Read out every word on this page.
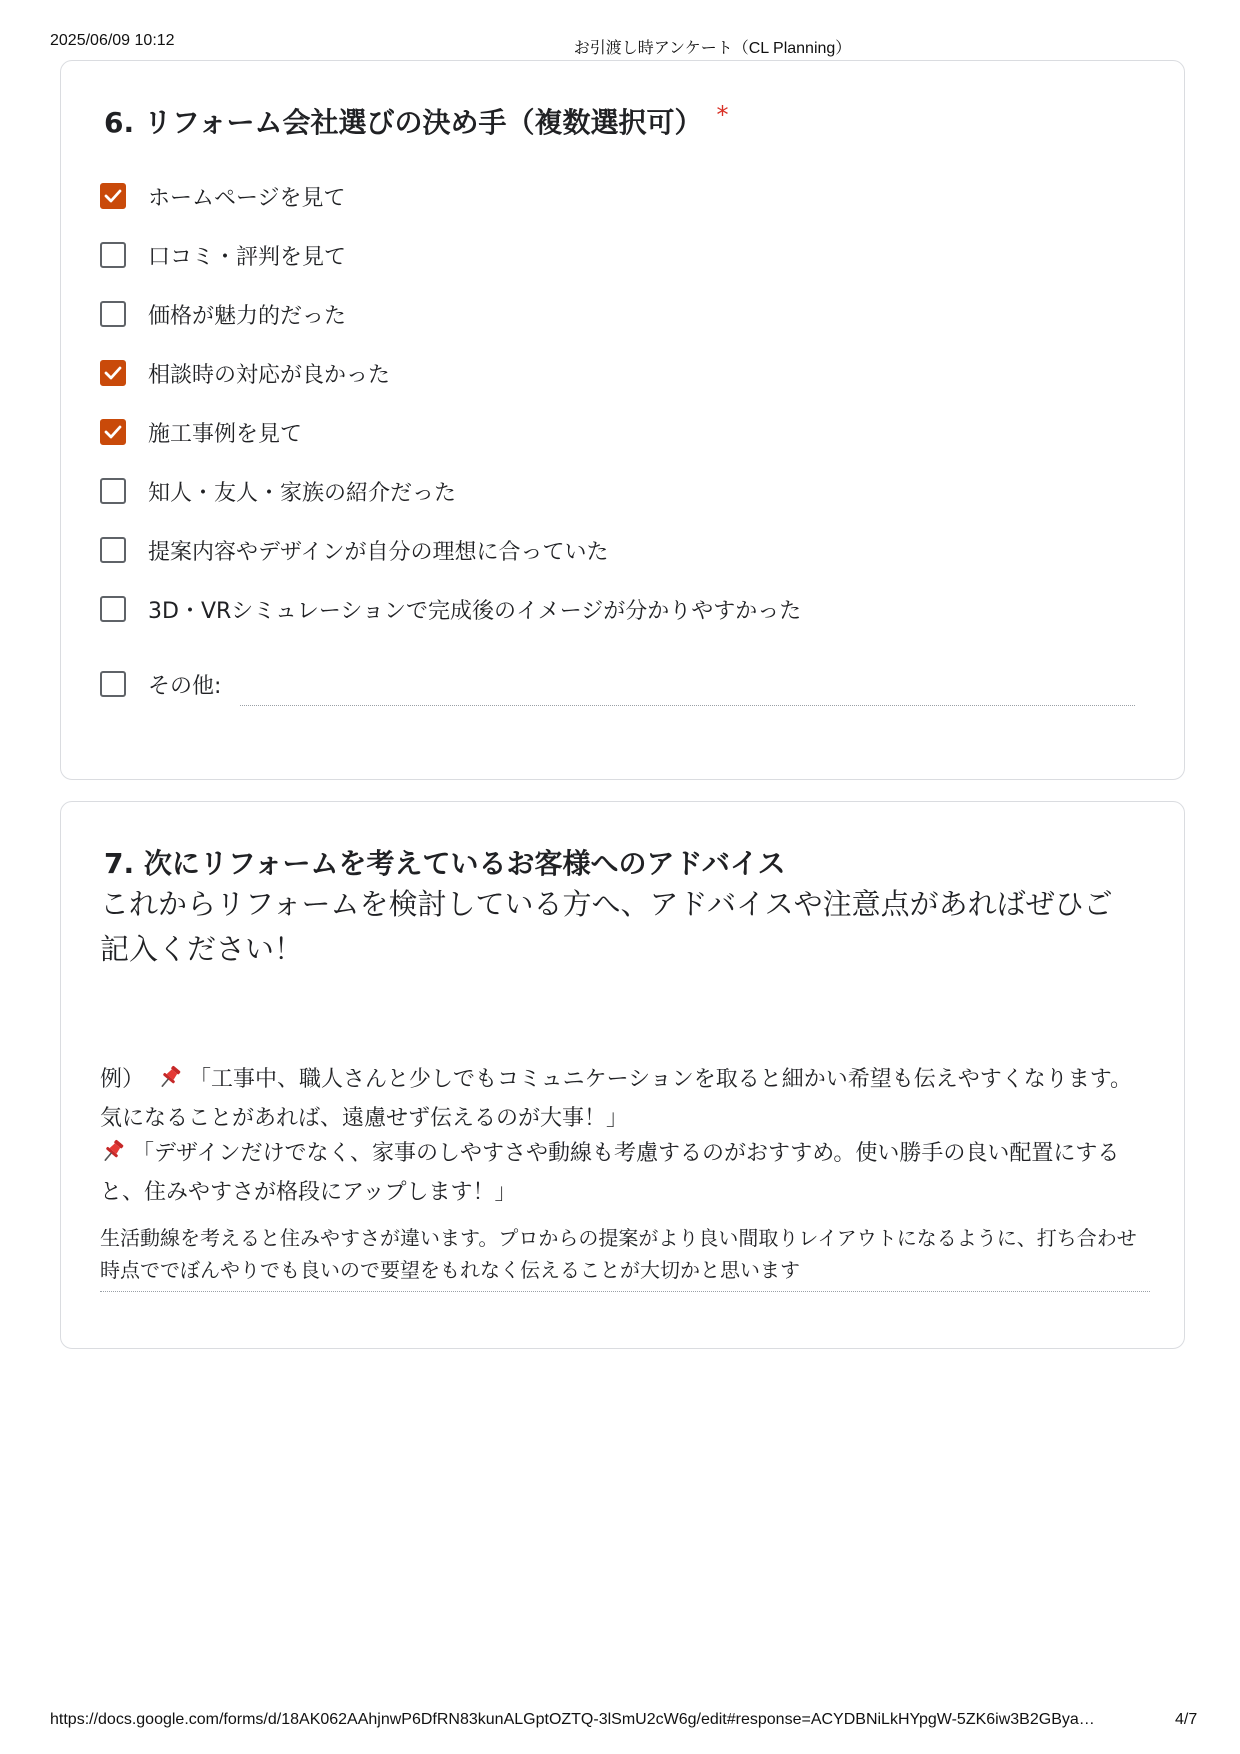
2025/06/09 10:12	お引渡し時アンケート（CL Planning）
6. リフォーム会社選びの決め手（複数選択可） *
ホームページを見て
口コミ・評判を見て
価格が魅力的だった
相談時の対応が良かった
施工事例を見て
知人・友人・家族の紹介だった
提案内容やデザインが自分の理想に合っていた
3D・VRシミュレーションで完成後のイメージが分かりやすかった
その他:
7. 次にリフォームを考えているお客様へのアドバイス
これからリフォームを検討している方へ、アドバイスや注意点があればぜひご記入ください！
例） 「工事中、職人さんと少しでもコミュニケーションを取ると細かい希望も伝えやすくなります。気になることがあれば、遠慮せず伝えるのが大事！」
「デザインだけでなく、家事のしやすさや動線も考慮するのがおすすめ。使い勝手の良い配置にすると、住みやすさが格段にアップします！」
生活動線を考えると住みやすさが違います。プロからの提案がより良い間取りレイアウトになるように、打ち合わせ時点ででぼんやりでも良いので要望をもれなく伝えることが大切かと思います
https://docs.google.com/forms/d/18AK062AAhjnwP6DfRN83kunALGptOZTQ-3lSmU2cW6g/edit#response=ACYDBNiLkHYpgW-5ZK6iw3B2GBya…	4/7
